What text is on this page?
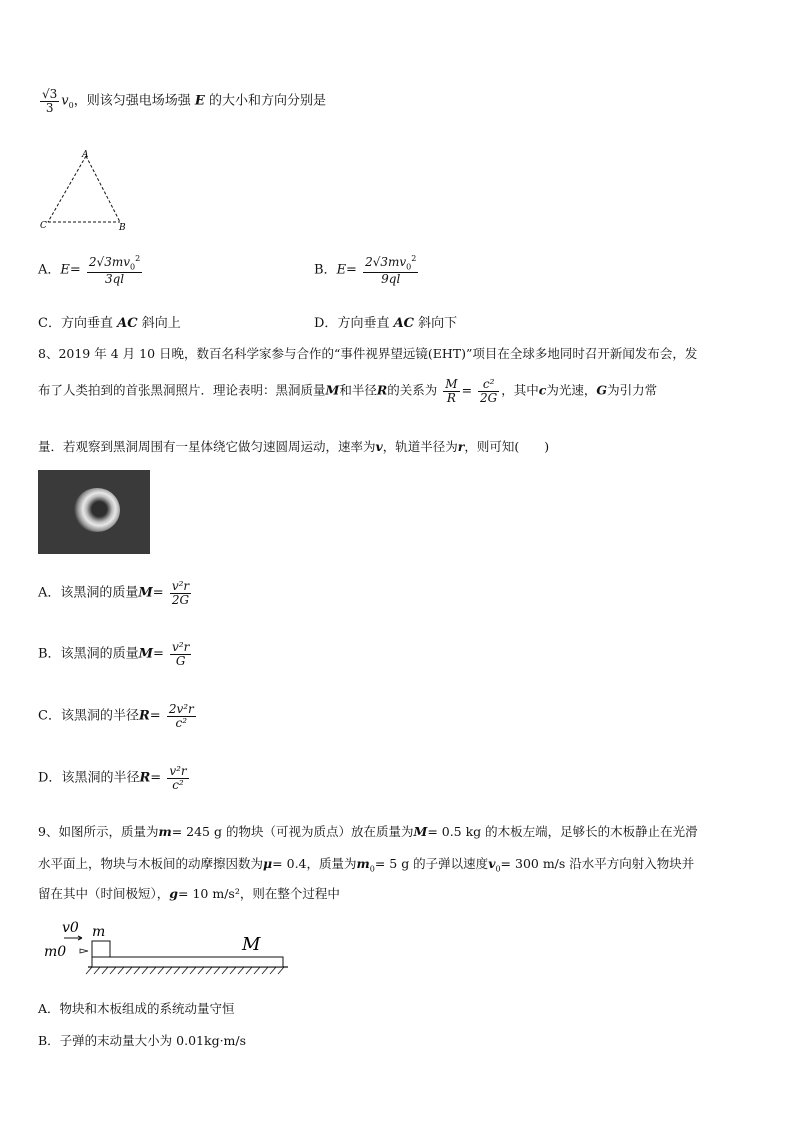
$\frac{√3}{3} v_0$，则该匀强电场场强 E 的大小和方向分别是
A
C	B
A．$E= \frac{2√3mv_0^2}{3ql}$	B．$E= \frac{2√3mv_0^2}{9ql}$
C．方向垂直 AC 斜向上	D．方向垂直 AC 斜向下
8、2019 年 4 月 10 日晚，数百名科学家参与合作的“事件视界望远镜(EHT)”项目在全球多地同时召开新闻发布会，发
布了人类拍到的首张黑洞照片．理论表明：黑洞质量M和半径R的关系为 $\frac{M}{R} = \frac{\text{c²}}{2G}$ ，其中c为光速，G为引力常
量．若观察到黑洞周围有一星体绕它做匀速圆周运动，速率为v，轨道半径为r，则可知(　　)
A．该黑洞的质量$M= \frac{\text{v²r}}{2G}$
B．该黑洞的质量$M= \frac{\text{v²r}}{G}$
C．该黑洞的半径$R= \frac{\text{2v²r}}{\text{c²}}$
D．该黑洞的半径$R= \frac{\text{v²r}}{\text{c²}}$
9、如图所示，质量为m= 245 g 的物块（可视为质点）放在质量为M= 0.5 kg 的木板左端，足够长的木板静止在光滑
水平面上，物块与木板间的动摩擦因数为μ= 0.4，质量为$m_0= 5$ g 的子弹以速度$v_0= 300$ m/s 沿水平方向射入物块并
留在其中（时间极短），g= 10 m/s²，则在整个过程中
v0 m
m0	M
A．物块和木板组成的系统动量守恒
B．子弹的末动量大小为 0.01kg·m/s
